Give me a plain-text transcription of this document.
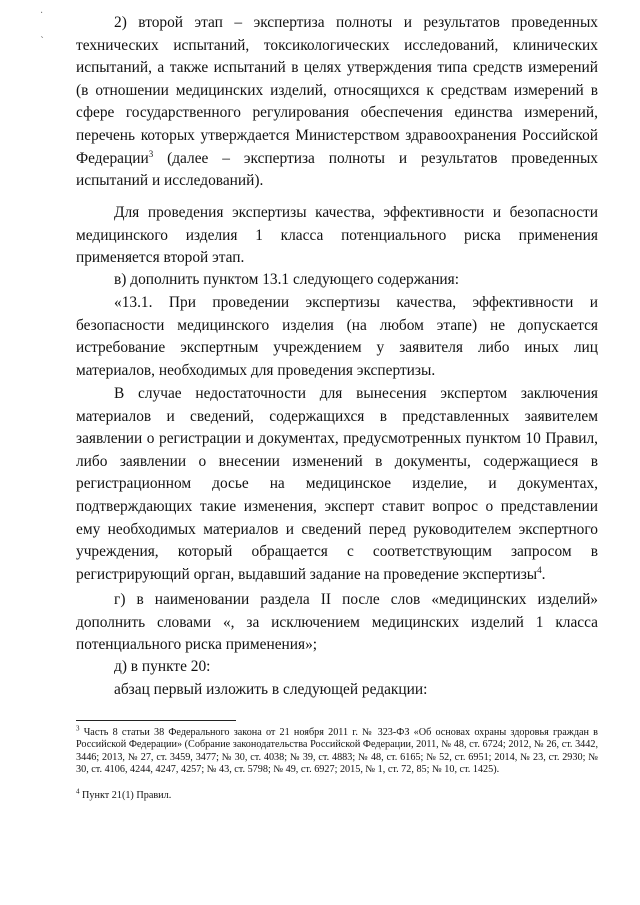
·
ˋ

2) второй этап – экспертиза полноты и результатов проведенных технических испытаний, токсикологических исследований, клинических испытаний, а также испытаний в целях утверждения типа средств измерений (в отношении медицинских изделий, относящихся к средствам измерений в сфере государственного регулирования обеспечения единства измерений, перечень которых утверждается Министерством здравоохранения Российской Федерации$^3$ (далее – экспертиза полноты и результатов проведенных испытаний и исследований).

Для проведения экспертизы качества, эффективности и безопасности медицинского изделия 1 класса потенциального риска применения применяется второй этап.

в) дополнить пунктом 13.1 следующего содержания:

«13.1. При проведении экспертизы качества, эффективности и безопасности медицинского изделия (на любом этапе) не допускается истребование экспертным учреждением у заявителя либо иных лиц материалов, необходимых для проведения экспертизы.

В случае недостаточности для вынесения экспертом заключения материалов и сведений, содержащихся в представленных заявителем заявлении о регистрации и документах, предусмотренных пунктом 10 Правил, либо заявлении о внесении изменений в документы, содержащиеся в регистрационном досье на медицинское изделие, и документах, подтверждающих такие изменения, эксперт ставит вопрос о представлении ему необходимых материалов и сведений перед руководителем экспертного учреждения, который обращается с соответствующим запросом в регистрирующий орган, выдавший задание на проведение экспертизы$^4$.

г) в наименовании раздела II после слов «медицинских изделий» дополнить словами «, за исключением медицинских изделий 1 класса потенциального риска применения»;

д) в пункте 20:

абзац первый изложить в следующей редакции:

$^3$ Часть 8 статьи 38 Федерального закона от 21 ноября 2011 г. № 323-ФЗ «Об основах охраны здоровья граждан в Российской Федерации» (Собрание законодательства Российской Федерации, 2011, № 48, ст. 6724; 2012, № 26, ст. 3442, 3446; 2013, № 27, ст. 3459, 3477; № 30, ст. 4038; № 39, ст. 4883; № 48, ст. 6165; № 52, ст. 6951; 2014, № 23, ст. 2930; № 30, ст. 4106, 4244, 4247, 4257; № 43, ст. 5798; № 49, ст. 6927; 2015, № 1, ст. 72, 85; № 10, ст. 1425).

$^4$ Пункт 21(1) Правил.
